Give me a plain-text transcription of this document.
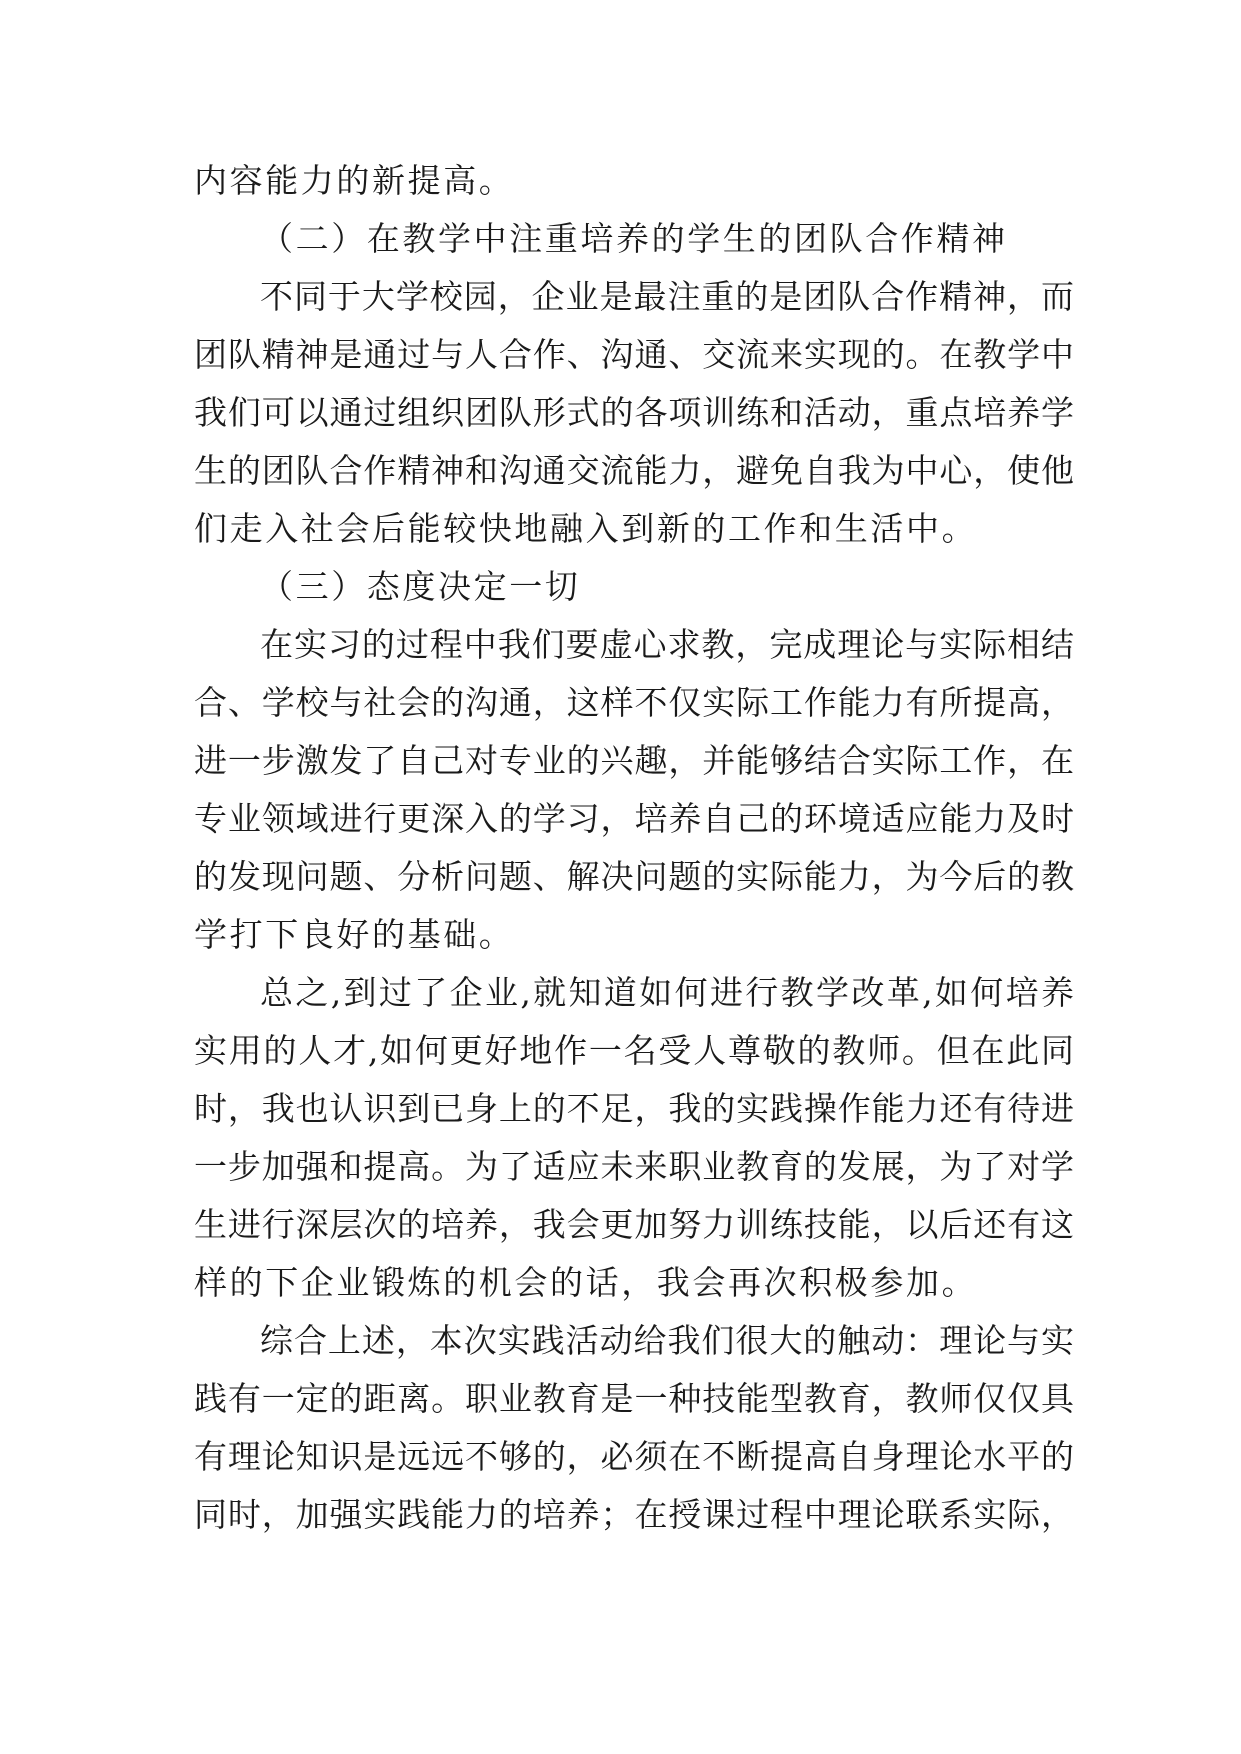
内容能力的新提高。
（二）在教学中注重培养的学生的团队合作精神
不同于大学校园，企业是最注重的是团队合作精神，而
团队精神是通过与人合作、沟通、交流来实现的。在教学中
我们可以通过组织团队形式的各项训练和活动，重点培养学
生的团队合作精神和沟通交流能力，避免自我为中心，使他
们走入社会后能较快地融入到新的工作和生活中。
（三）态度决定一切
在实习的过程中我们要虚心求教，完成理论与实际相结
合、学校与社会的沟通，这样不仅实际工作能力有所提高，
进一步激发了自己对专业的兴趣，并能够结合实际工作，在
专业领域进行更深入的学习，培养自己的环境适应能力及时
的发现问题、分析问题、解决问题的实际能力，为今后的教
学打下良好的基础。
总之,到过了企业,就知道如何进行教学改革,如何培养
实用的人才,如何更好地作一名受人尊敬的教师。但在此同
时，我也认识到已身上的不足，我的实践操作能力还有待进
一步加强和提高。为了适应未来职业教育的发展，为了对学
生进行深层次的培养，我会更加努力训练技能，以后还有这
样的下企业锻炼的机会的话，我会再次积极参加。
综合上述，本次实践活动给我们很大的触动：理论与实
践有一定的距离。职业教育是一种技能型教育，教师仅仅具
有理论知识是远远不够的，必须在不断提高自身理论水平的
同时，加强实践能力的培养；在授课过程中理论联系实际，
